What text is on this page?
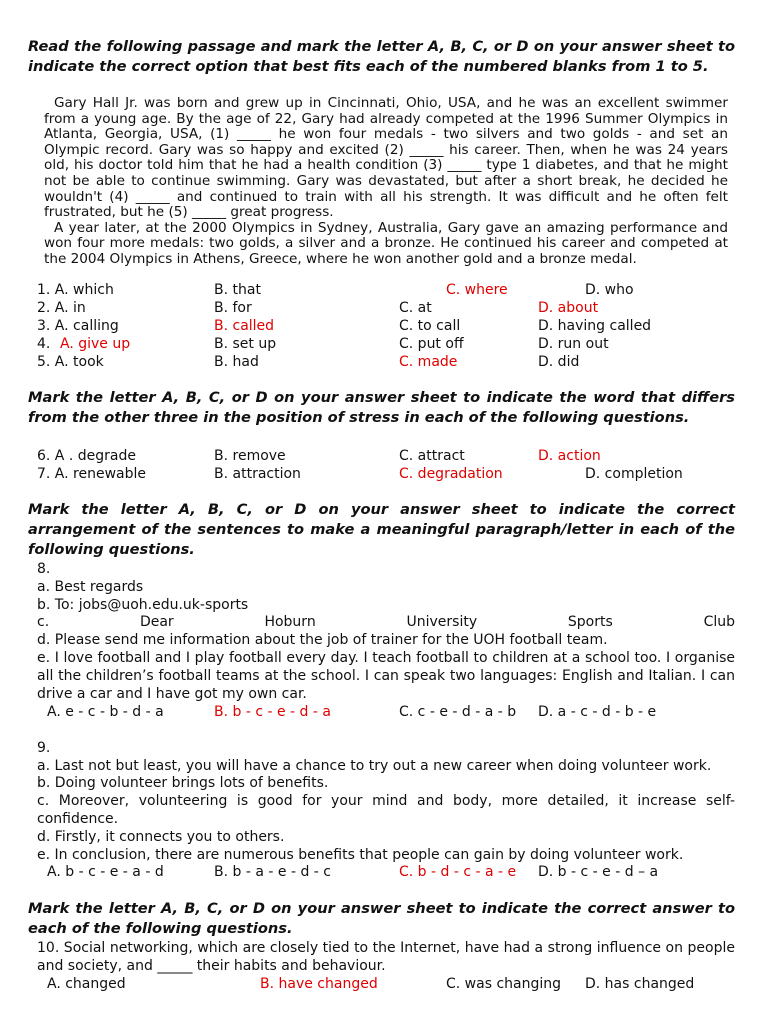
Read the following passage and mark the letter A, B, C, or D on your answer sheet to indicate the correct option that best fits each of the numbered blanks from 1 to 5.

Gary Hall Jr. was born and grew up in Cincinnati, Ohio, USA, and he was an excellent swimmer from a young age. By the age of 22, Gary had already competed at the 1996 Summer Olympics in Atlanta, Georgia, USA, (1) _____ he won four medals - two silvers and two golds - and set an Olympic record. Gary was so happy and excited (2) _____ his career. Then, when he was 24 years old, his doctor told him that he had a health condition (3) _____ type 1 diabetes, and that he might not be able to continue swimming. Gary was devastated, but after a short break, he decided he wouldn't (4) _____ and continued to train with all his strength. It was difficult and he often felt frustrated, but he (5) _____ great progress.

A year later, at the 2000 Olympics in Sydney, Australia, Gary gave an amazing performance and won four more medals: two golds, a silver and a bronze. He continued his career and competed at the 2004 Olympics in Athens, Greece, where he won another gold and a bronze medal.

1. A. which	B. that	C. where	D. who
2. A. in	B. for	C. at	D. about
3. A. calling	B. called	C. to call	D. having called
4. A. give up	B. set up	C. put off	D. run out
5. A. took	B. had	C. made	D. did
Mark the letter A, B, C, or D on your answer sheet to indicate the word that differs from the other three in the position of stress in each of the following questions.
6. A . degrade	B. remove	C. attract	D. action
7. A. renewable	B. attraction	C. degradation	D. completion
Mark the letter A, B, C, or D on your answer sheet to indicate the correct arrangement of the sentences to make a meaningful paragraph/letter in each of the following questions.
8.
a. Best regards
b. To: jobs@uoh.edu.uk-sports
c.	Dear	Hoburn	University	Sports	Club
d. Please send me information about the job of trainer for the UOH football team.
e. I love football and I play football every day. I teach football to children at a school too. I organise all the children’s football teams at the school. I can speak two languages: English and Italian. I can drive a car and I have got my own car.
A. e - c - b - d - a	B. b - c - e - d - a	C. c - e - d - a - b D. a - c - d - b - e
9.
a. Last not but least, you will have a chance to try out a new career when doing volunteer work.
b. Doing volunteer brings lots of benefits.
c. Moreover, volunteering is good for your mind and body, more detailed, it increase self-confidence.
d. Firstly, it connects you to others.
e. In conclusion, there are numerous benefits that people can gain by doing volunteer work.
A. b - c - e - a - d	B. b - a - e - d - c	C. b - d - c - a - e D. b - c - e - d – a
Mark the letter A, B, C, or D on your answer sheet to indicate the correct answer to each of the following questions.
10. Social networking, which are closely tied to the Internet, have had a strong influence on people and society, and _____ their habits and behaviour.
A. changed	B. have changed	C. was changing D. has changed
